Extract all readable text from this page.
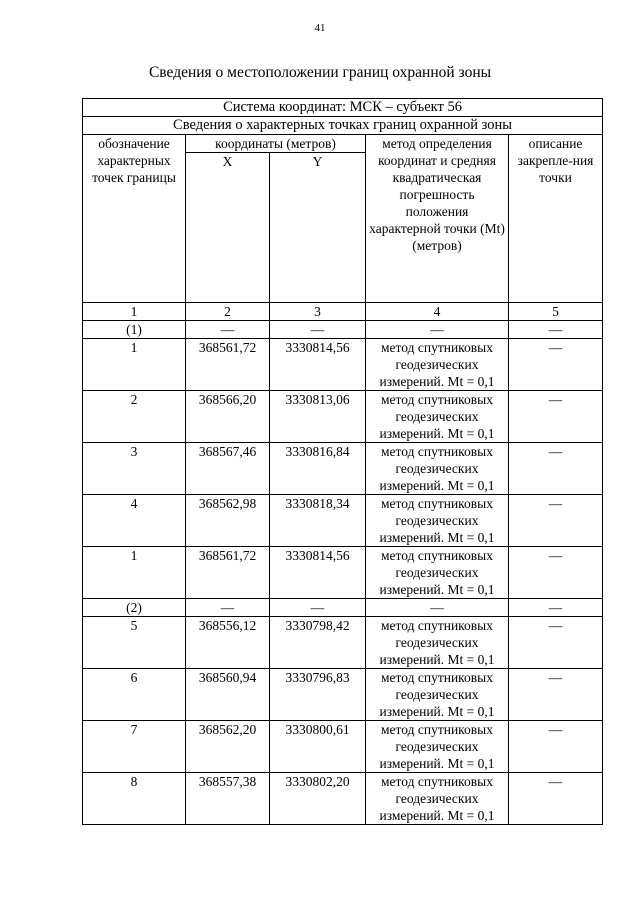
41
Сведения о местоположении границ охранной зоны
Система координат: МСК – субъект 56				
Сведения о характерных точках границ охранной зоны				
обозначение характерных точек границы	координаты (метров)		метод определения координат и средняя квадратическая погрешность положения характерной точки (Mt) (метров)	описание закрепле-ния точки
	X	Y		
1	2	3	4	5
(1)	—	—	—	—
1	368561,72	3330814,56	метод спутниковых геодезических измерений. Mt = 0,1	—
2	368566,20	3330813,06	метод спутниковых геодезических измерений. Mt = 0,1	—
3	368567,46	3330816,84	метод спутниковых геодезических измерений. Mt = 0,1	—
4	368562,98	3330818,34	метод спутниковых геодезических измерений. Mt = 0,1	—
1	368561,72	3330814,56	метод спутниковых геодезических измерений. Mt = 0,1	—
(2)	—	—	—	—
5	368556,12	3330798,42	метод спутниковых геодезических измерений. Mt = 0,1	—
6	368560,94	3330796,83	метод спутниковых геодезических измерений. Mt = 0,1	—
7	368562,20	3330800,61	метод спутниковых геодезических измерений. Mt = 0,1	—
8	368557,38	3330802,20	метод спутниковых геодезических измерений. Mt = 0,1	—
